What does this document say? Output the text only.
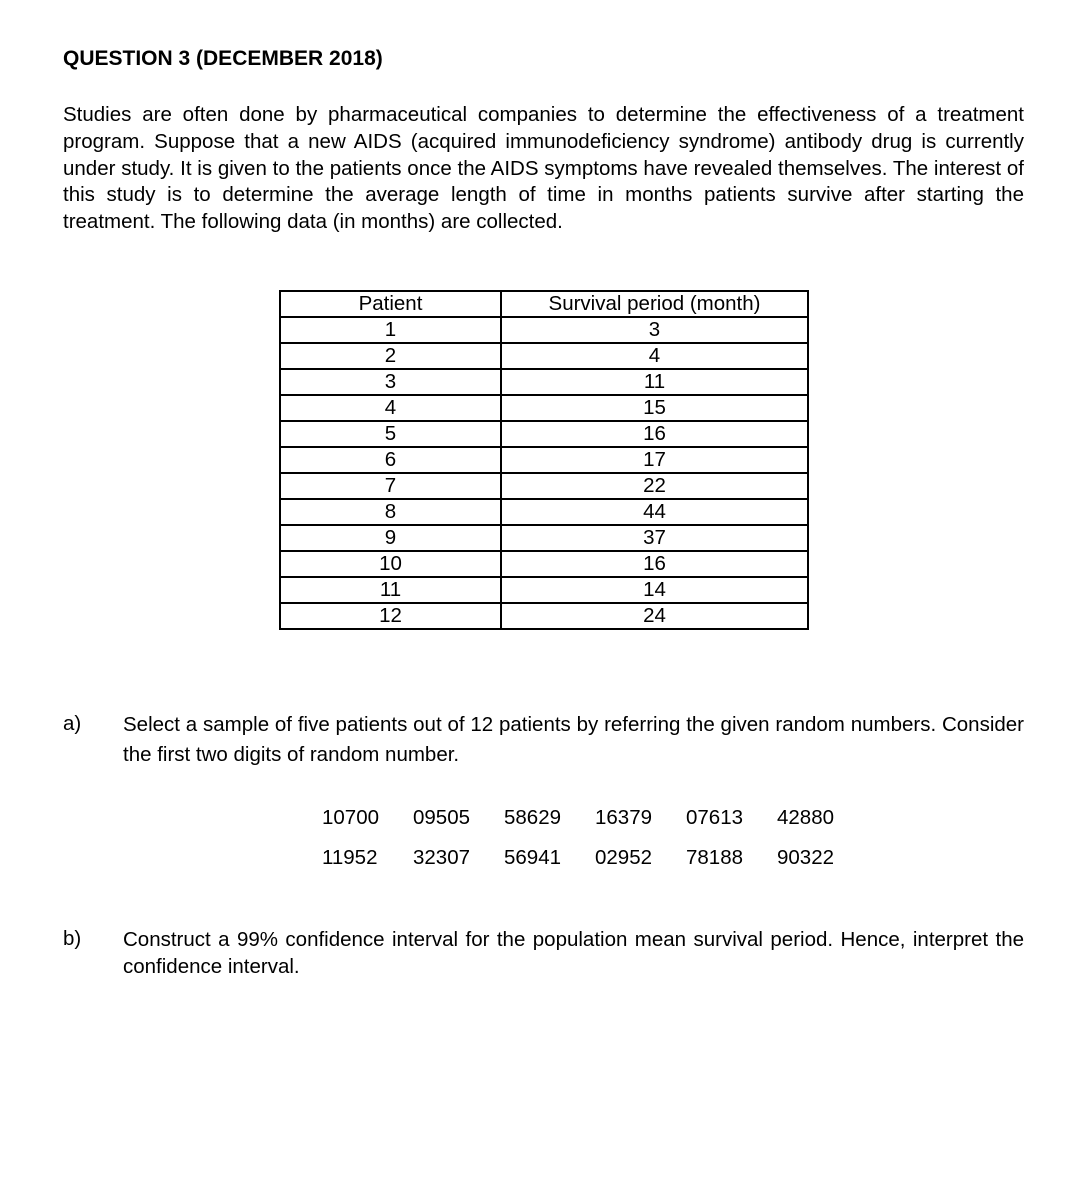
QUESTION 3 (DECEMBER 2018)
Studies are often done by pharmaceutical companies to determine the effectiveness of a treatment program. Suppose that a new AIDS (acquired immunodeficiency syndrome) antibody drug is currently under study. It is given to the patients once the AIDS symptoms have revealed themselves. The interest of this study is to determine the average length of time in months patients survive after starting the treatment. The following data (in months) are collected.
Patient	Survival period (month)
1	3
2	4
3	11
4	15
5	16
6	17
7	22
8	44
9	37
10	16
11	14
12	24
a) Select a sample of five patients out of 12 patients by referring the given random numbers. Consider the first two digits of random number.
10700	09505	58629	16379	07613	42880
11952	32307	56941	02952	78188	90322
b) Construct a 99% confidence interval for the population mean survival period. Hence, interpret the confidence interval.
